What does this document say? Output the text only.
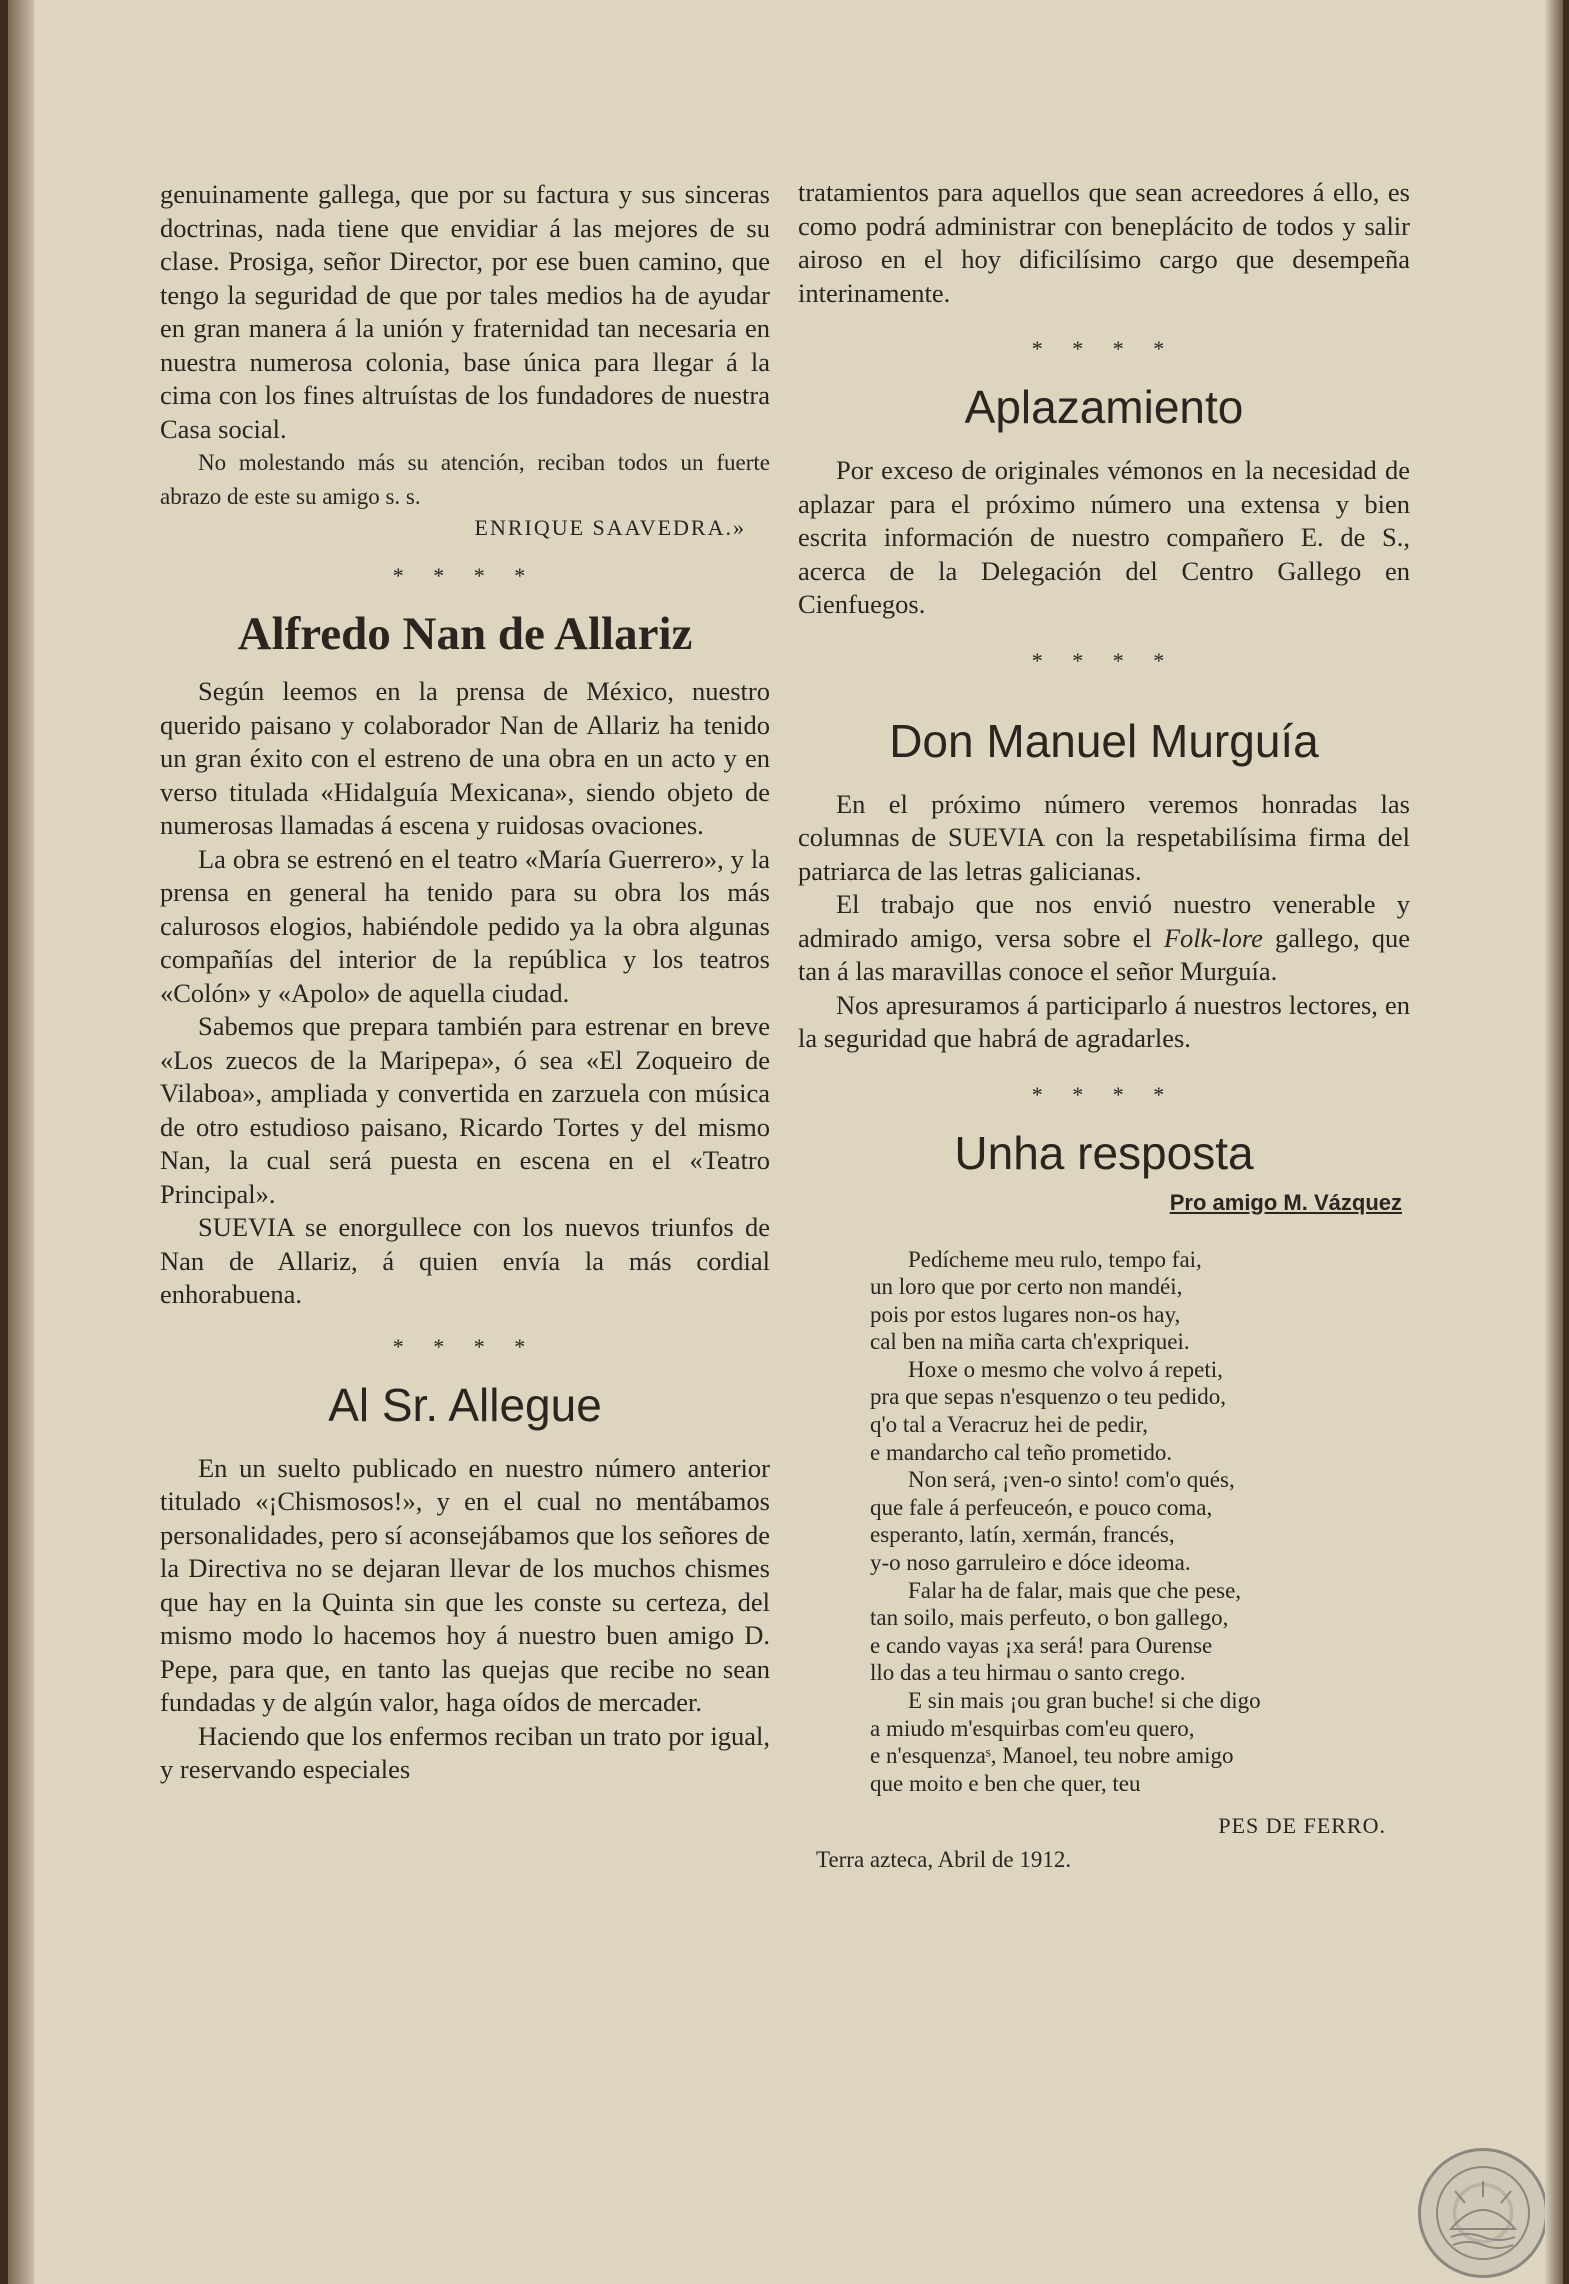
genuinamente gallega, que por su factura y sus sinceras doctrinas, nada tiene que envidiar á las mejores de su clase. Prosiga, señor Director, por ese buen camino, que tengo la seguridad de que por tales medios ha de ayudar en gran manera á la unión y fraternidad tan necesaria en nuestra numerosa colonia, base única para llegar á la cima con los fines altruístas de los fundadores de nuestra Casa social.

No molestando más su atención, reciban todos un fuerte abrazo de este su amigo s. s.

ENRIQUE SAAVEDRA.»
* * * *
Alfredo Nan de Allariz

Según leemos en la prensa de México, nuestro querido paisano y colaborador Nan de Allariz ha tenido un gran éxito con el estreno de una obra en un acto y en verso titulada «Hidalguía Mexicana», siendo objeto de numerosas llamadas á escena y ruidosas ovaciones.

La obra se estrenó en el teatro «María Guerrero», y la prensa en general ha tenido para su obra los más calurosos elogios, habiéndole pedido ya la obra algunas compañías del interior de la república y los teatros «Colón» y «Apolo» de aquella ciudad.

Sabemos que prepara también para estrenar en breve «Los zuecos de la Maripepa», ó sea «El Zoqueiro de Vilaboa», ampliada y convertida en zarzuela con música de otro estudioso paisano, Ricardo Tortes y del mismo Nan, la cual será puesta en escena en el «Teatro Principal».

SUEVIA se enorgullece con los nuevos triunfos de Nan de Allariz, á quien envía la más cordial enhorabuena.

* * * *
Al Sr. Allegue

En un suelto publicado en nuestro número anterior titulado «¡Chismosos!», y en el cual no mentábamos personalidades, pero sí aconsejábamos que los señores de la Directiva no se dejaran llevar de los muchos chismes que hay en la Quinta sin que les conste su certeza, del mismo modo lo hacemos hoy á nuestro buen amigo D. Pepe, para que, en tanto las quejas que recibe no sean fundadas y de algún valor, haga oídos de mercader.

Haciendo que los enfermos reciban un trato por igual, y reservando especiales

tratamientos para aquellos que sean acreedores á ello, es como podrá administrar con beneplácito de todos y salir airoso en el hoy dificilísimo cargo que desempeña interinamente.

* * * *
Aplazamiento

Por exceso de originales vémonos en la necesidad de aplazar para el próximo número una extensa y bien escrita información de nuestro compañero E. de S., acerca de la Delegación del Centro Gallego en Cienfuegos.

* * * *
Don Manuel Murguía

En el próximo número veremos honradas las columnas de SUEVIA con la respetabilísima firma del patriarca de las letras galicianas.

El trabajo que nos envió nuestro venerable y admirado amigo, versa sobre el Folk-lore gallego, que tan á las maravillas conoce el señor Murguía.

Nos apresuramos á participarlo á nuestros lectores, en la seguridad que habrá de agradarles.

* * * *
Unha resposta
Pro amigo M. Vázquez
Pedícheme meu rulo, tempo fai,
un loro que por certo non mandéi,
pois por estos lugares non-os hay,
cal ben na miña carta ch'expriquei.
Hoxe o mesmo che volvo á repeti,
pra que sepas n'esquenzo o teu pedido,
q'o tal a Veracruz hei de pedir,
e mandarcho cal teño prometido.
Non será, ¡ven-o sinto! com'o qués,
que fale á perfeuceón, e pouco coma,
esperanto, latín, xermán, francés,
y-o noso garruleiro e dóce ideoma.
Falar ha de falar, mais que che pese,
tan soilo, mais perfeuto, o bon gallego,
e cando vayas ¡xa será! para Ourense
llo das a teu hirmau o santo crego.
E sin mais ¡ou gran buche! si che digo
a miudo m'esquirbas com'eu quero,
e n'esquenzaˢ, Manoel, teu nobre amigo
que moito e ben che quer, teu
PES DE FERRO.
Terra azteca, Abril de 1912.
